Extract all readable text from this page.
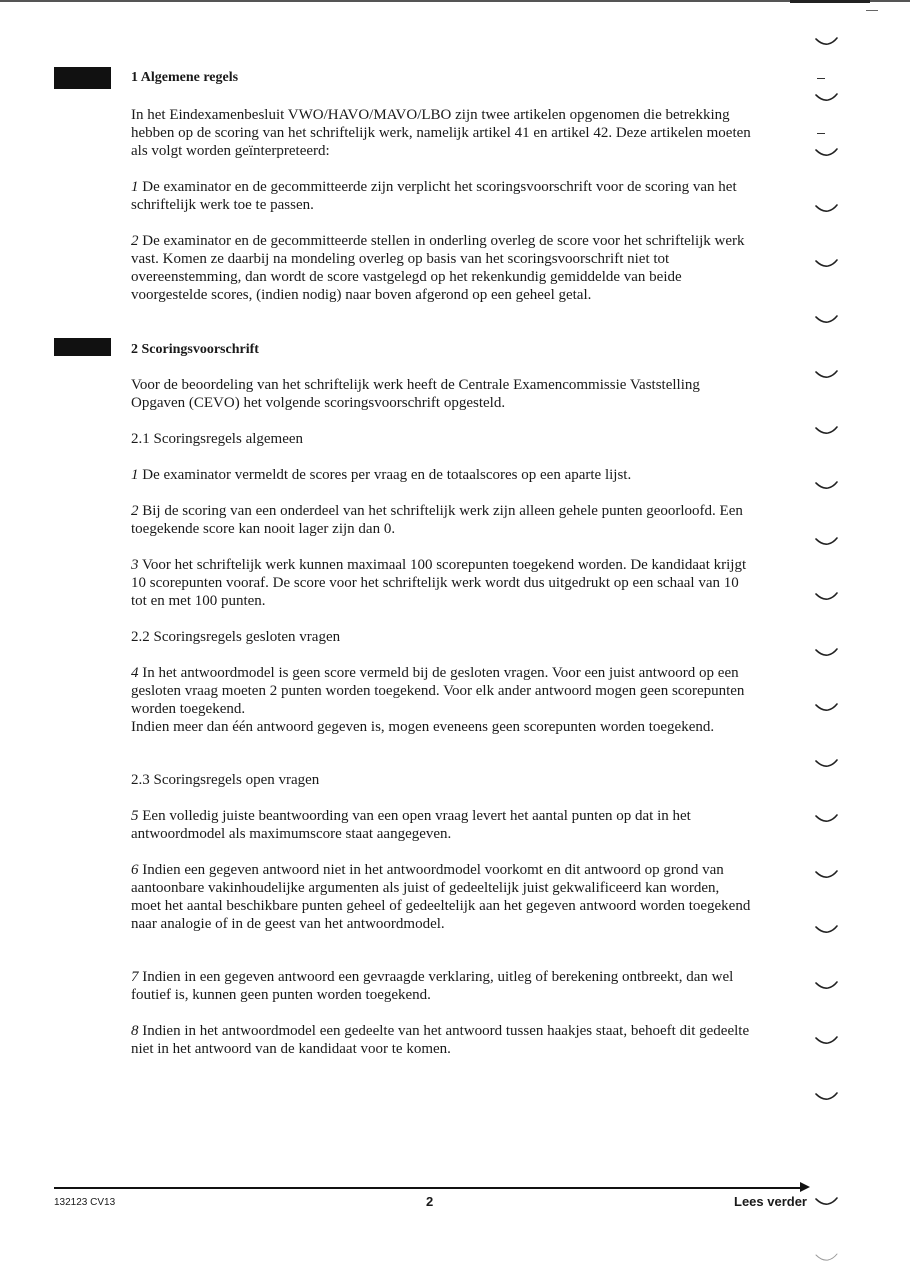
1 Algemene regels

In het Eindexamenbesluit VWO/HAVO/MAVO/LBO zijn twee artikelen opgenomen die betrekking hebben op de scoring van het schriftelijk werk, namelijk artikel 41 en artikel 42. Deze artikelen moeten als volgt worden geïnterpreteerd:

1 De examinator en de gecommitteerde zijn verplicht het scoringsvoorschrift voor de scoring van het schriftelijk werk toe te passen.

2 De examinator en de gecommitteerde stellen in onderling overleg de score voor het schriftelijk werk vast. Komen ze daarbij na mondeling overleg op basis van het scoringsvoorschrift niet tot overeenstemming, dan wordt de score vastgelegd op het rekenkundig gemiddelde van beide voorgestelde scores, (indien nodig) naar boven afgerond op een geheel getal.

2 Scoringsvoorschrift

Voor de beoordeling van het schriftelijk werk heeft de Centrale Examencommissie Vaststelling Opgaven (CEVO) het volgende scoringsvoorschrift opgesteld.

2.1 Scoringsregels algemeen

1 De examinator vermeldt de scores per vraag en de totaalscores op een aparte lijst.

2 Bij de scoring van een onderdeel van het schriftelijk werk zijn alleen gehele punten geoorloofd. Een toegekende score kan nooit lager zijn dan 0.

3 Voor het schriftelijk werk kunnen maximaal 100 scorepunten toegekend worden. De kandidaat krijgt 10 scorepunten vooraf. De score voor het schriftelijk werk wordt dus uitgedrukt op een schaal van 10 tot en met 100 punten.

2.2 Scoringsregels gesloten vragen

4 In het antwoordmodel is geen score vermeld bij de gesloten vragen. Voor een juist antwoord op een gesloten vraag moeten 2 punten worden toegekend. Voor elk ander antwoord mogen geen scorepunten worden toegekend.
Indien meer dan één antwoord gegeven is, mogen eveneens geen scorepunten worden toegekend.

2.3 Scoringsregels open vragen

5 Een volledig juiste beantwoording van een open vraag levert het aantal punten op dat in het antwoordmodel als maximumscore staat aangegeven.

6 Indien een gegeven antwoord niet in het antwoordmodel voorkomt en dit antwoord op grond van aantoonbare vakinhoudelijke argumenten als juist of gedeeltelijk juist gekwalificeerd kan worden, moet het aantal beschikbare punten geheel of gedeeltelijk aan het gegeven antwoord worden toegekend naar analogie of in de geest van het antwoordmodel.

7 Indien in een gegeven antwoord een gevraagde verklaring, uitleg of berekening ontbreekt, dan wel foutief is, kunnen geen punten worden toegekend.

8 Indien in het antwoordmodel een gedeelte van het antwoord tussen haakjes staat, behoeft dit gedeelte niet in het antwoord van de kandidaat voor te komen.

132123 CV13	2	Lees verder
